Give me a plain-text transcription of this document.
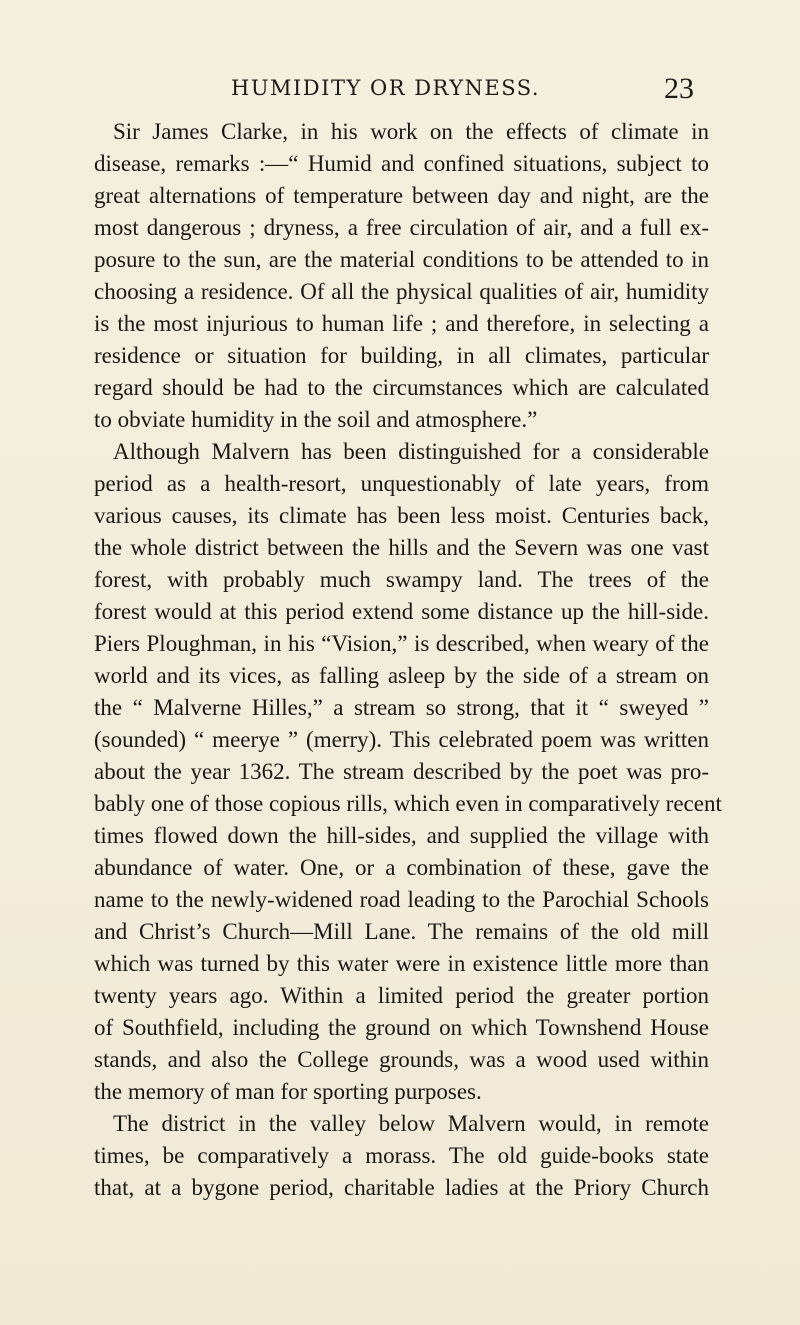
HUMIDITY OR DRYNESS.	23

Sir James Clarke, in his work on the effects of climate in

disease, remarks :—“ Humid and confined situations, subject to

great alternations of temperature between day and night, are the

most dangerous ; dryness, a free circulation of air, and a full ex-

posure to the sun, are the material conditions to be attended to in

choosing a residence. Of all the physical qualities of air, humidity

is the most injurious to human life ; and therefore, in selecting a

residence or situation for building, in all climates, particular

regard should be had to the circumstances which are calculated

to obviate humidity in the soil and atmosphere.”

Although Malvern has been distinguished for a considerable

period as a health-resort, unquestionably of late years, from

various causes, its climate has been less moist. Centuries back,

the whole district between the hills and the Severn was one vast

forest, with probably much swampy land. The trees of the

forest would at this period extend some distance up the hill-side.

Piers Ploughman, in his “Vision,” is described, when weary of the

world and its vices, as falling asleep by the side of a stream on

the “ Malverne Hilles,” a stream so strong, that it “ sweyed ”

(sounded) “ meerye ” (merry). This celebrated poem was written

about the year 1362. The stream described by the poet was pro-

bably one of those copious rills, which even in comparatively recent

times flowed down the hill-sides, and supplied the village with

abundance of water. One, or a combination of these, gave the

name to the newly-widened road leading to the Parochial Schools

and Christ’s Church—Mill Lane. The remains of the old mill

which was turned by this water were in existence little more than

twenty years ago. Within a limited period the greater portion

of Southfield, including the ground on which Townshend House

stands, and also the College grounds, was a wood used within

the memory of man for sporting purposes.

The district in the valley below Malvern would, in remote

times, be comparatively a morass. The old guide-books state

that, at a bygone period, charitable ladies at the Priory Church
